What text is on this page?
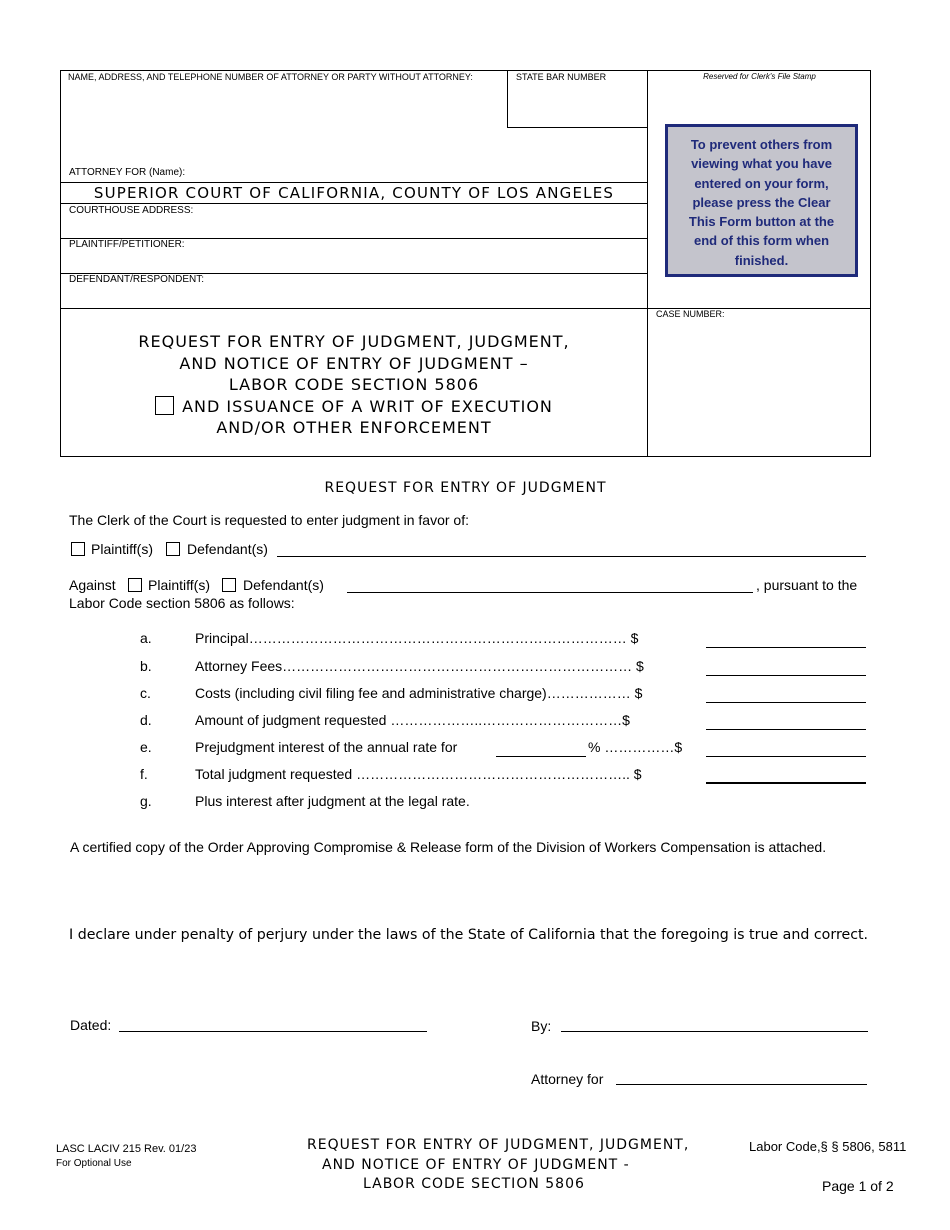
NAME, ADDRESS, AND TELEPHONE NUMBER OF ATTORNEY OR PARTY WITHOUT ATTORNEY:	STATE BAR NUMBER	Reserved for Clerk's File Stamp
ATTORNEY FOR (Name):
SUPERIOR COURT OF CALIFORNIA, COUNTY OF LOS ANGELES
COURTHOUSE ADDRESS:
PLAINTIFF/PETITIONER:
DEFENDANT/RESPONDENT:
To prevent others from viewing what you have entered on your form, please press the Clear This Form button at the end of this form when finished.
CASE NUMBER:
REQUEST FOR ENTRY OF JUDGMENT, JUDGMENT,
AND NOTICE OF ENTRY OF JUDGMENT –
LABOR CODE SECTION 5806
AND ISSUANCE OF A WRIT OF EXECUTION
AND/OR OTHER ENFORCEMENT
REQUEST FOR ENTRY OF JUDGMENT
The Clerk of the Court is requested to enter judgment in favor of:
Plaintiff(s) Defendant(s)
Against Plaintiff(s) Defendant(s)	, pursuant to the
Labor Code section 5806 as follows:
a.	Principal……………………………………………………………………… $
b.	Attorney Fees………………………………………………………………… $
c.	Costs (including civil filing fee and administrative charge)……………… $
d.	Amount of judgment requested ………………..…………………………$
e.	Prejudgment interest of the annual rate for	% ……………$
f.	Total judgment requested ………………………………………………….. $
g.	Plus interest after judgment at the legal rate.
A certified copy of the Order Approving Compromise & Release form of the Division of Workers Compensation is attached.
I declare under penalty of perjury under the laws of the State of California that the foregoing is true and correct.
Dated:	By:
Attorney for
LASC LACIV 215 Rev. 01/23
For Optional Use
REQUEST FOR ENTRY OF JUDGMENT, JUDGMENT,
AND NOTICE OF ENTRY OF JUDGMENT -
LABOR CODE SECTION 5806
Labor Code,§ § 5806, 5811
Page 1 of 2
